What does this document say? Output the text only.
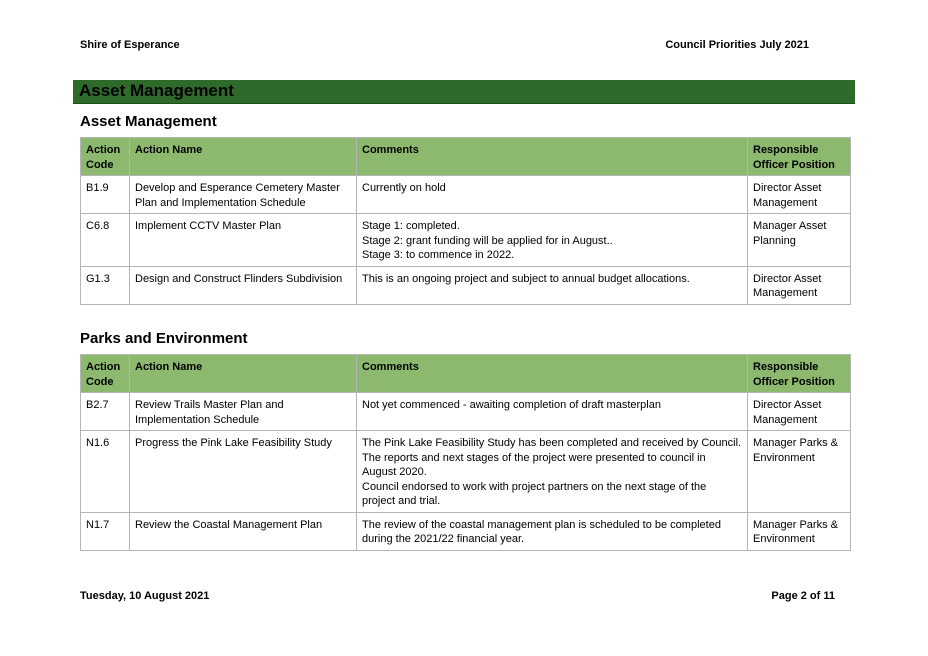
Shire of Esperance	Council Priorities July 2021
Asset Management
Asset Management
Action Code	Action Name	Comments	Responsible Officer Position
B1.9	Develop and Esperance Cemetery Master Plan and Implementation Schedule	Currently on hold	Director Asset Management
C6.8	Implement CCTV Master Plan	Stage 1: completed.
Stage 2: grant funding will be applied for in August..
Stage 3: to commence in 2022.	Manager Asset Planning
G1.3	Design and Construct Flinders Subdivision	This is an ongoing project and subject to annual budget allocations.	Director Asset Management
Parks and Environment
Action Code	Action Name	Comments	Responsible Officer Position
B2.7	Review Trails Master Plan and Implementation Schedule	Not yet commenced - awaiting completion of draft masterplan	Director Asset Management
N1.6	Progress the Pink Lake Feasibility Study	The Pink Lake Feasibility Study has been completed and received by Council. The reports and next stages of the project were presented to council in August 2020.
Council endorsed to work with project partners on the next stage of the project and trial.	Manager Parks & Environment
N1.7	Review the Coastal Management Plan	The review of the coastal management plan is scheduled to be completed during the 2021/22 financial year.	Manager Parks & Environment
Tuesday, 10 August 2021	Page 2 of 11
